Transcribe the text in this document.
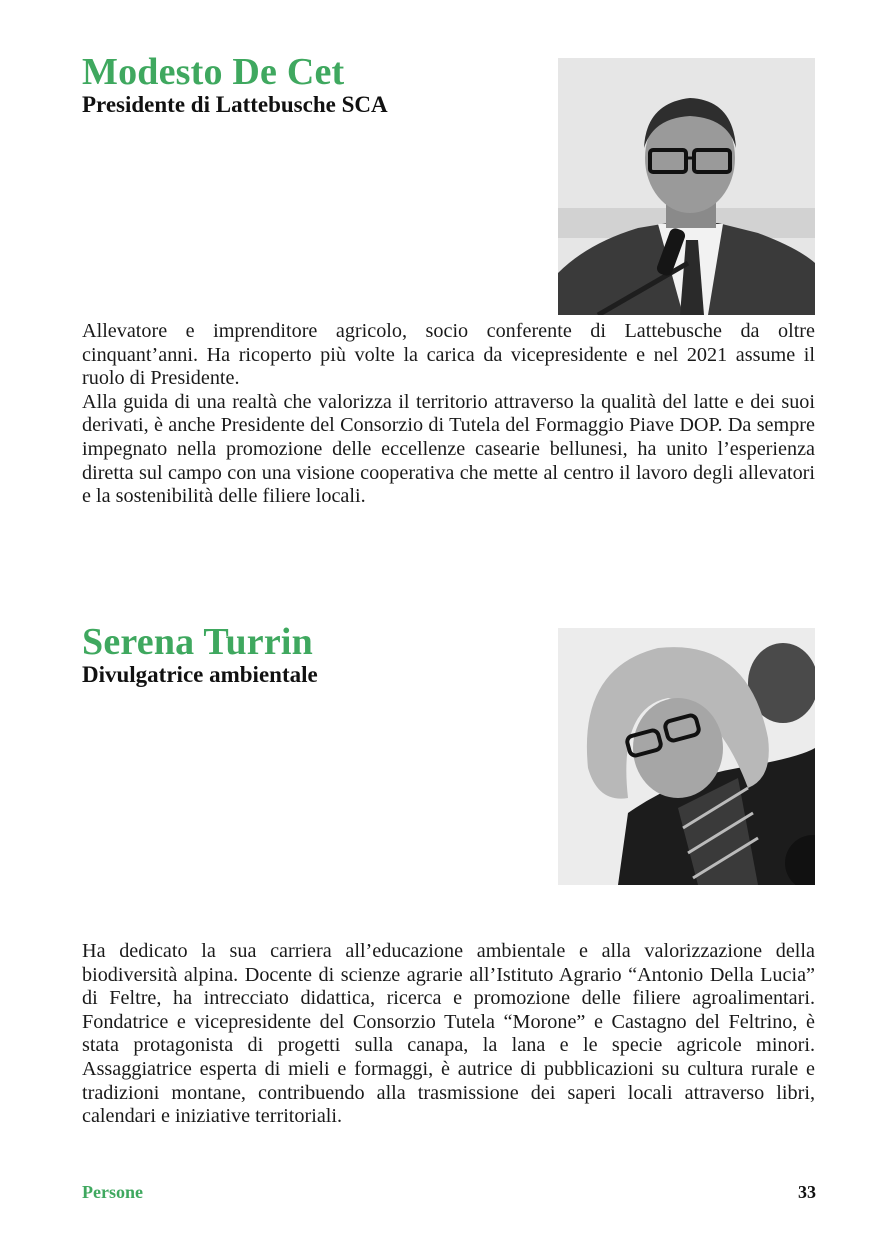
Modesto De Cet
Presidente di Lattebusche SCA

Allevatore e imprenditore agricolo, socio conferente di Lattebusche da oltre cinquant’anni. Ha ricoperto più volte la carica da vicepresidente e nel 2021 assume il ruolo di Presidente.

Alla guida di una realtà che valorizza il territorio attraverso la qualità del latte e dei suoi derivati, è anche Presidente del Consorzio di Tutela del Formaggio Piave DOP. Da sempre impegnato nella promozione delle eccellenze casearie bellunesi, ha unito l’esperienza diretta sul campo con una visione cooperativa che mette al centro il lavoro degli allevatori e la sostenibilità delle filiere locali.

Serena Turrin
Divulgatrice ambientale

Ha dedicato la sua carriera all’educazione ambientale e alla valorizzazione della biodiversità alpina. Docente di scienze agrarie all’Istituto Agrario “Antonio Della Lucia” di Feltre, ha intrecciato didattica, ricerca e promozione delle filiere agroalimentari. Fondatrice e vicepresidente del Consorzio Tutela “Morone” e Castagno del Feltrino, è stata protagonista di progetti sulla canapa, la lana e le specie agricole minori. Assaggiatrice esperta di mieli e formaggi, è autrice di pubblicazioni su cultura rurale e tradizioni montane, contribuendo alla trasmissione dei saperi locali attraverso libri, calendari e iniziative territoriali.

Persone	33
